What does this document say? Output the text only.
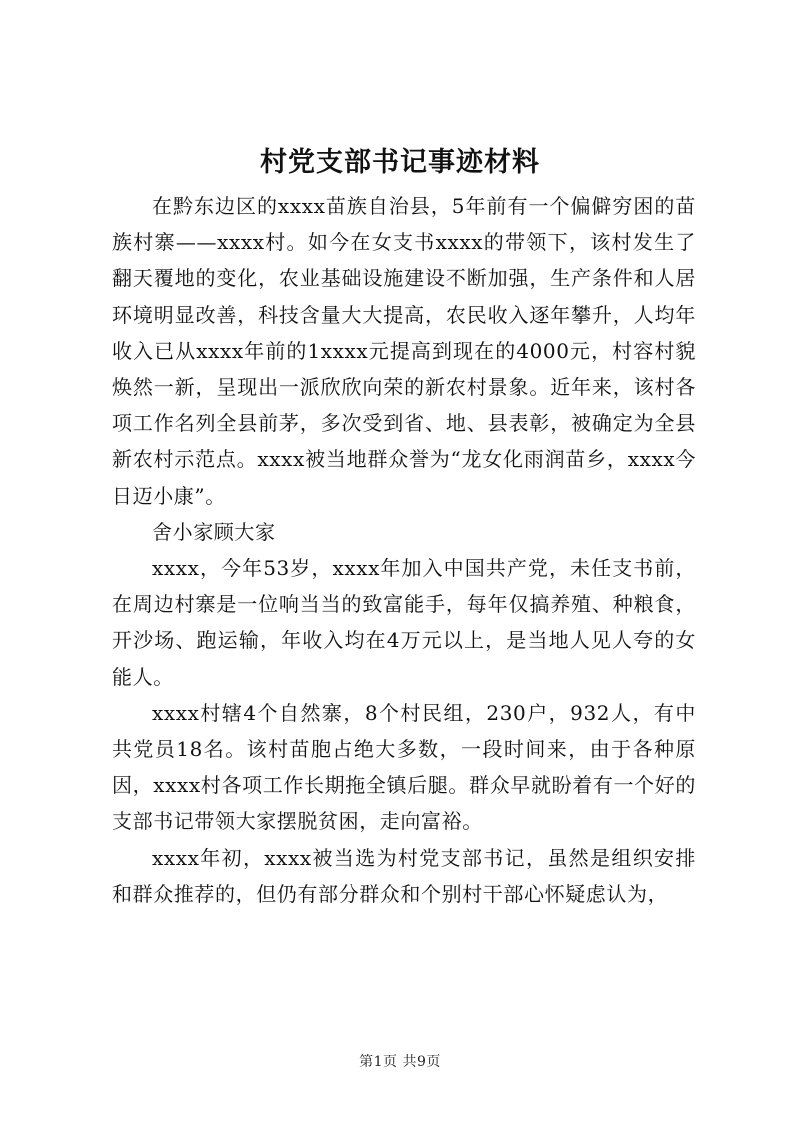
村党支部书记事迹材料

在黔东边区的xxxx苗族自治县，5年前有一个偏僻穷困的苗族村寨——xxxx村。如今在女支书xxxx的带领下，该村发生了翻天覆地的变化，农业基础设施建设不断加强，生产条件和人居环境明显改善，科技含量大大提高，农民收入逐年攀升，人均年收入已从xxxx年前的1xxxx元提高到现在的4000元，村容村貌焕然一新，呈现出一派欣欣向荣的新农村景象。近年来，该村各项工作名列全县前茅，多次受到省、地、县表彰，被确定为全县新农村示范点。xxxx被当地群众誉为“龙女化雨润苗乡，xxxx今日迈小康”。

舍小家顾大家

xxxx，今年53岁，xxxx年加入中国共产党，未任支书前，在周边村寨是一位响当当的致富能手，每年仅搞养殖、种粮食，开沙场、跑运输，年收入均在4万元以上，是当地人见人夸的女能人。

xxxx村辖4个自然寨，8个村民组，230户，932人，有中共党员18名。该村苗胞占绝大多数，一段时间来，由于各种原因，xxxx村各项工作长期拖全镇后腿。群众早就盼着有一个好的支部书记带领大家摆脱贫困，走向富裕。

xxxx年初，xxxx被当选为村党支部书记，虽然是组织安排和群众推荐的，但仍有部分群众和个别村干部心怀疑虑认为，

第1页 共9页
